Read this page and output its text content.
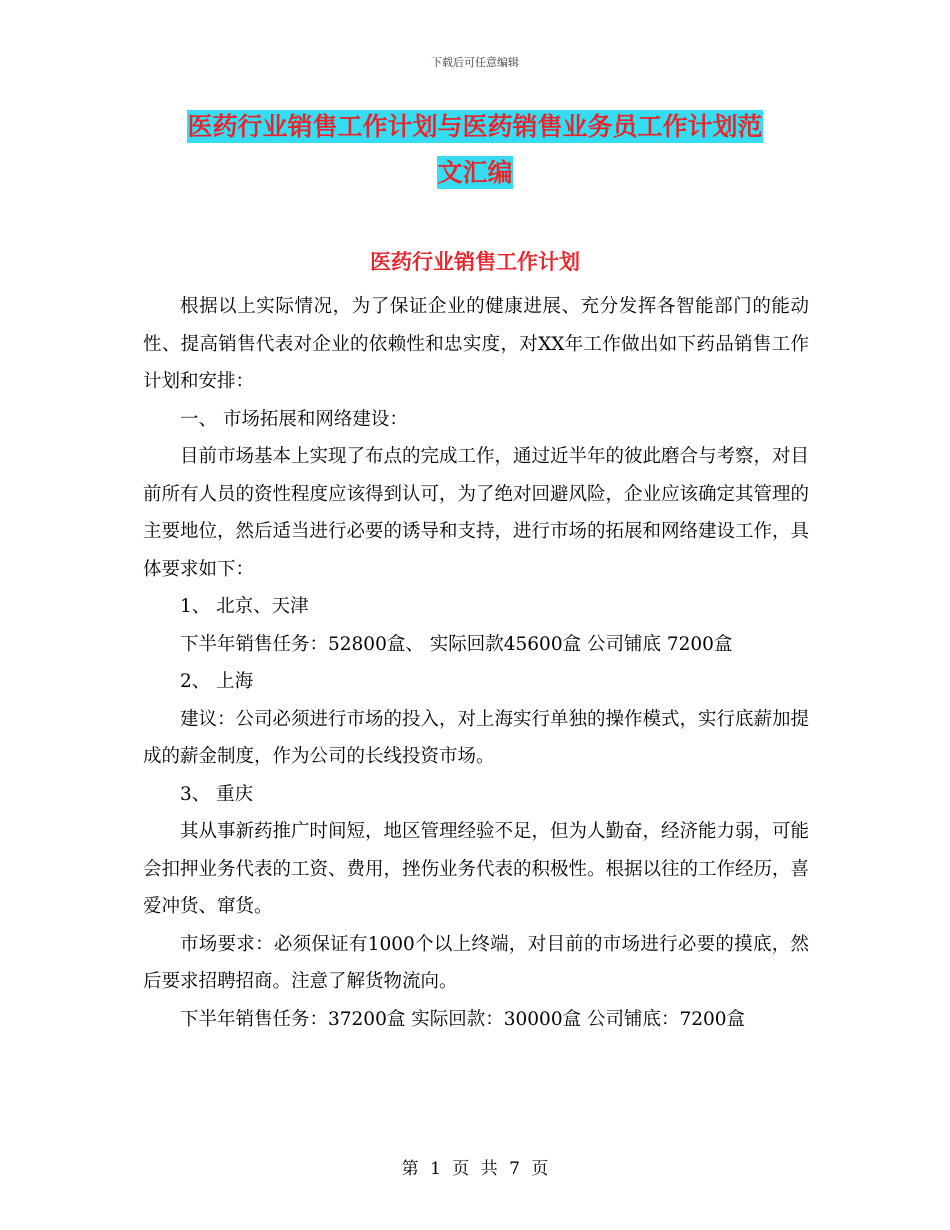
下载后可任意编辑
医药行业销售工作计划与医药销售业务员工作计划范
文汇编
医药行业销售工作计划

根据以上实际情况，为了保证企业的健康进展、充分发挥各智能部门的能动性、提高销售代表对企业的依赖性和忠实度，对XX年工作做出如下药品销售工作计划和安排：

一、 市场拓展和网络建设：

目前市场基本上实现了布点的完成工作，通过近半年的彼此磨合与考察，对目前所有人员的资性程度应该得到认可，为了绝对回避风险，企业应该确定其管理的主要地位，然后适当进行必要的诱导和支持，进行市场的拓展和网络建设工作，具体要求如下：

1、 北京、天津

下半年销售任务：52800盒、 实际回款45600盒 公司铺底 7200盒

2、 上海

建议：公司必须进行市场的投入，对上海实行单独的操作模式，实行底薪加提成的薪金制度，作为公司的长线投资市场。

3、 重庆

其从事新药推广时间短，地区管理经验不足，但为人勤奋，经济能力弱，可能会扣押业务代表的工资、费用，挫伤业务代表的积极性。根据以往的工作经历，喜爱冲货、窜货。

市场要求：必须保证有1000个以上终端，对目前的市场进行必要的摸底，然后要求招聘招商。注意了解货物流向。

下半年销售任务：37200盒 实际回款：30000盒 公司铺底：7200盒

第 1 页 共 7 页
